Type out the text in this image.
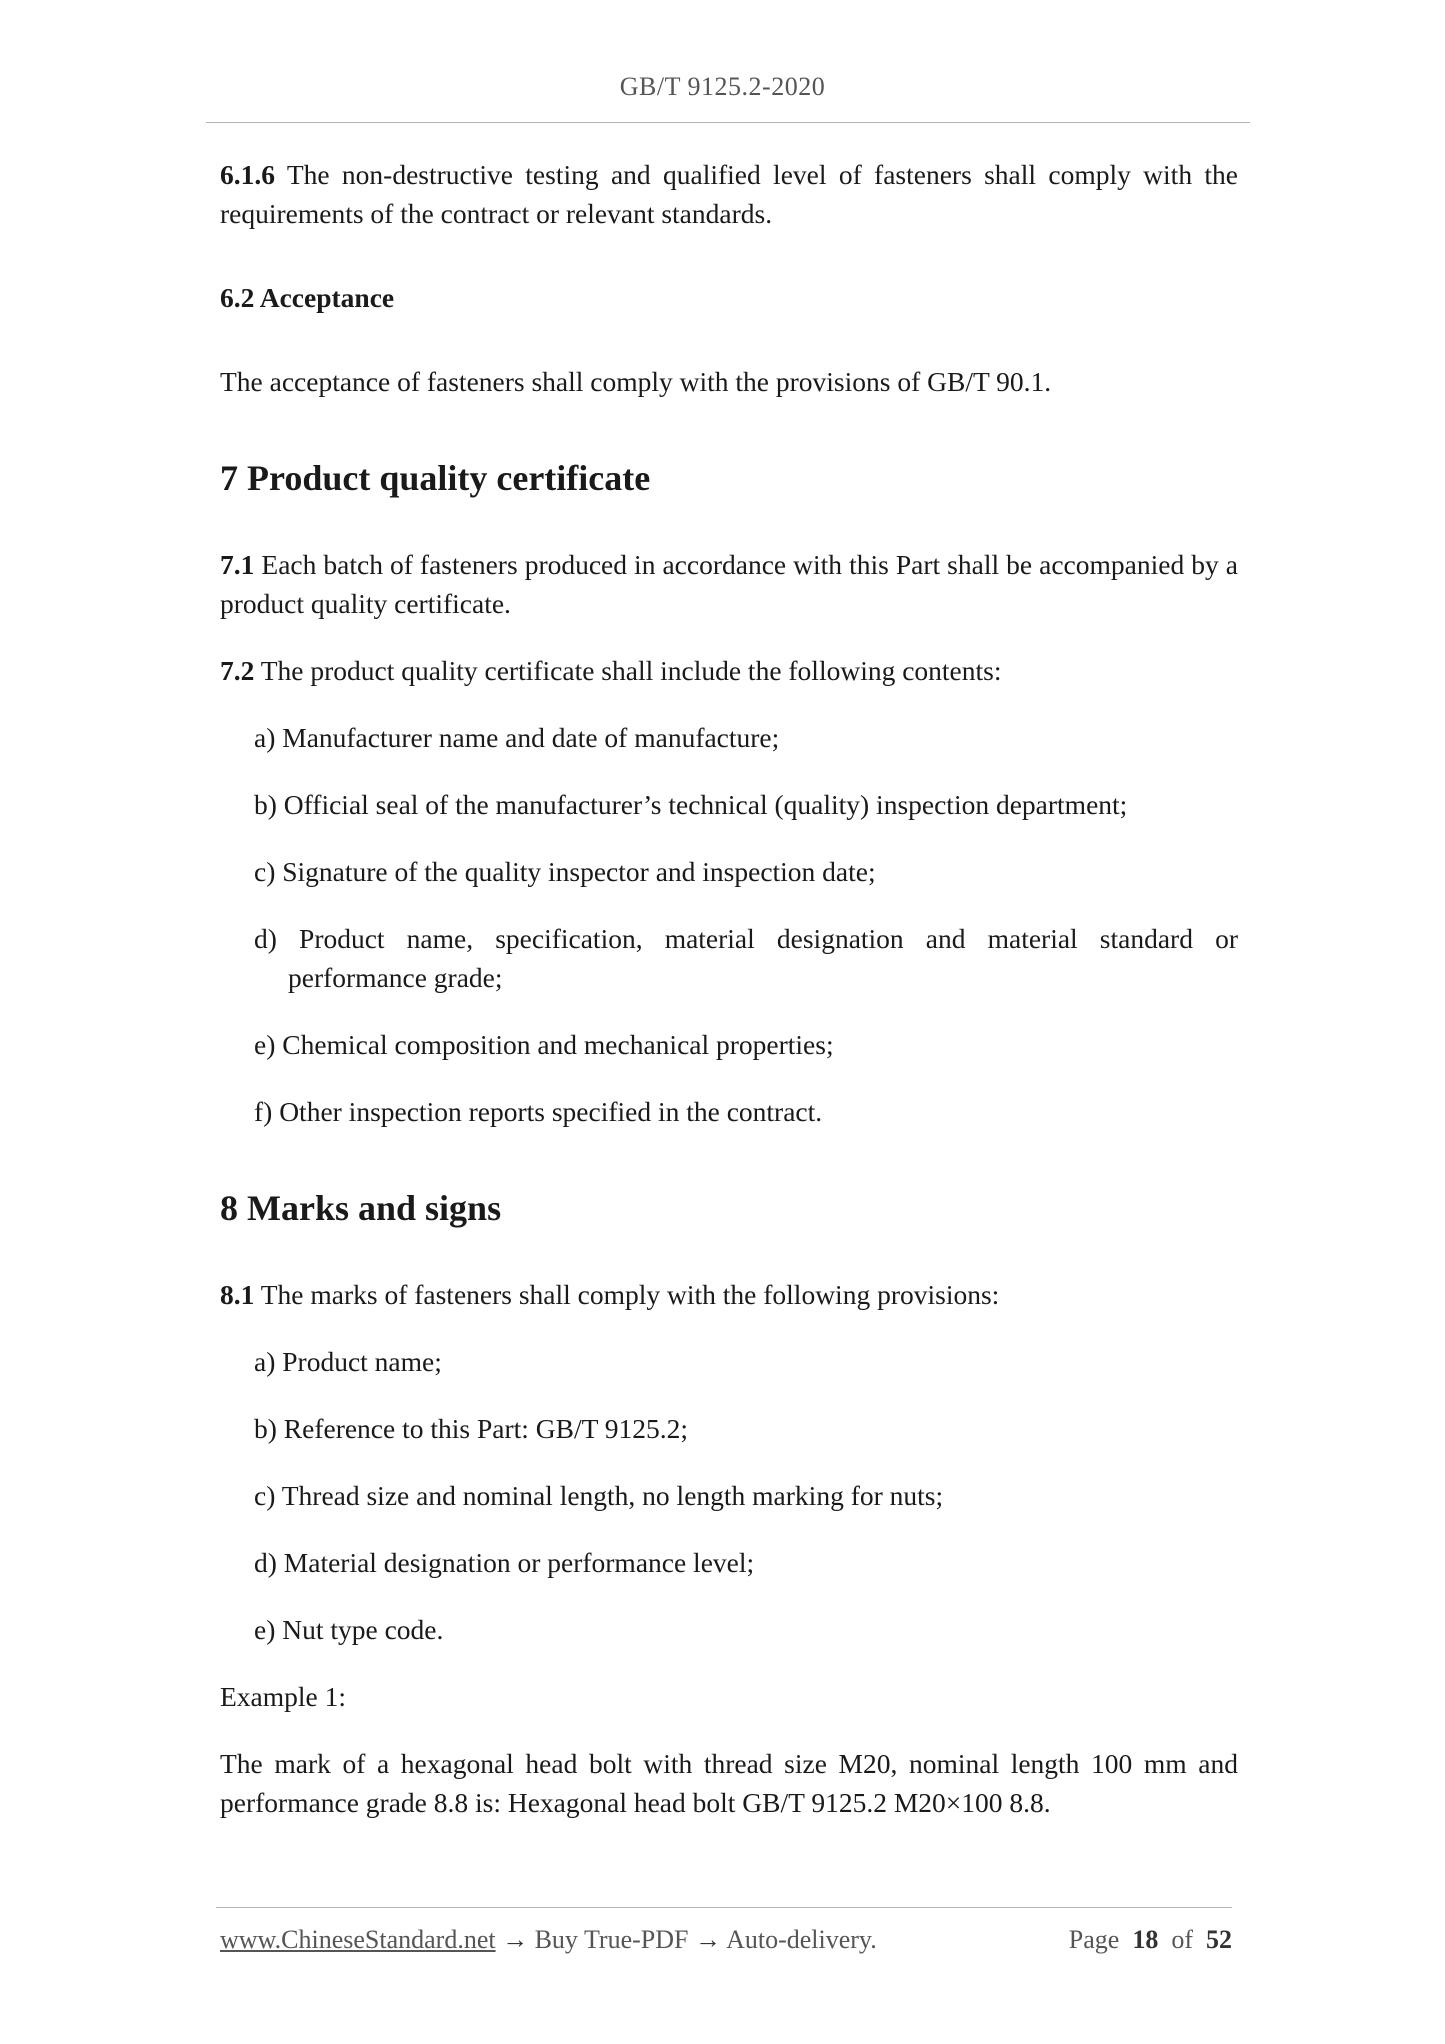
GB/T 9125.2-2020

6.1.6 The non-destructive testing and qualified level of fasteners shall comply with the requirements of the contract or relevant standards.

6.2 Acceptance

The acceptance of fasteners shall comply with the provisions of GB/T 90.1.

7 Product quality certificate

7.1 Each batch of fasteners produced in accordance with this Part shall be accompanied by a product quality certificate.

7.2 The product quality certificate shall include the following contents:

a) Manufacturer name and date of manufacture;

b) Official seal of the manufacturer’s technical (quality) inspection department;

c) Signature of the quality inspector and inspection date;

d) Product name, specification, material designation and material standard or performance grade;

e) Chemical composition and mechanical properties;

f) Other inspection reports specified in the contract.

8 Marks and signs

8.1 The marks of fasteners shall comply with the following provisions:

a) Product name;

b) Reference to this Part: GB/T 9125.2;

c) Thread size and nominal length, no length marking for nuts;

d) Material designation or performance level;

e) Nut type code.

Example 1:

The mark of a hexagonal head bolt with thread size M20, nominal length 100 mm and performance grade 8.8 is: Hexagonal head bolt GB/T 9125.2 M20×100 8.8.

www.ChineseStandard.net → Buy True-PDF → Auto-delivery.	Page 18 of 52
